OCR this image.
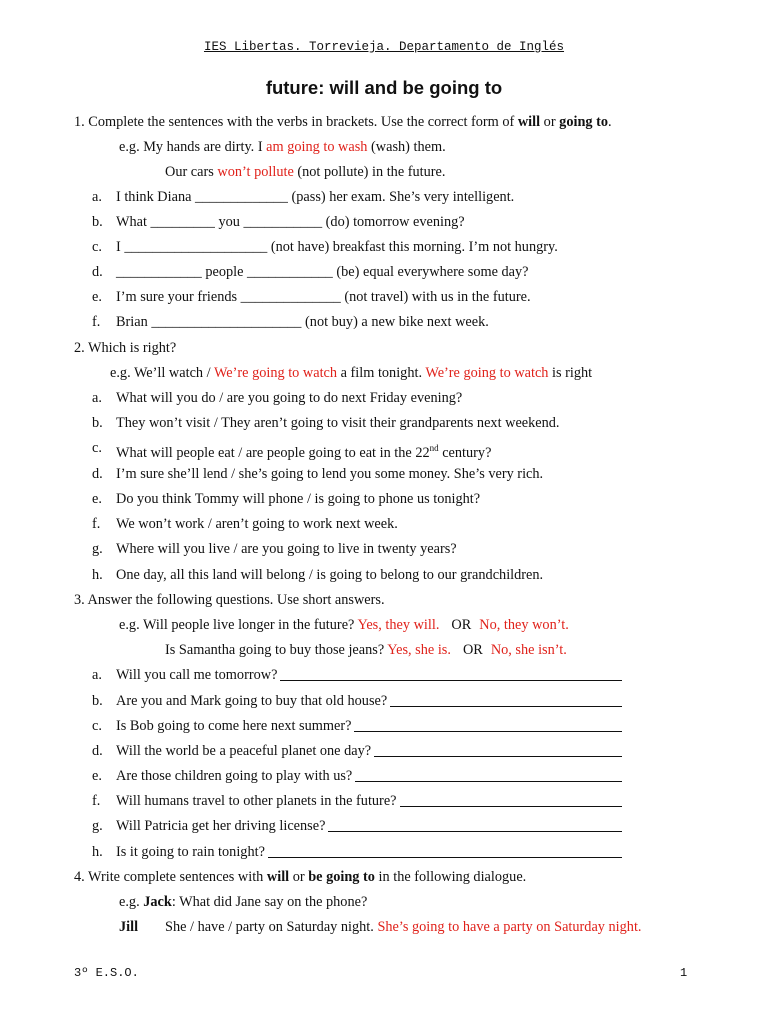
IES Libertas. Torrevieja. Departamento de Inglés
future: will and be going to
1. Complete the sentences with the verbs in brackets. Use the correct form of will or going to.
e.g. My hands are dirty. I am going to wash (wash) them.
Our cars won’t pollute (not pollute) in the future.
a. I think Diana _____________ (pass) her exam. She’s very intelligent.
b. What _________ you ___________ (do) tomorrow evening?
c. I ____________________ (not have) breakfast this morning. I’m not hungry.
d. ____________ people ____________ (be) equal everywhere some day?
e. I’m sure your friends ______________ (not travel) with us in the future.
f. Brian _____________________ (not buy) a new bike next week.
2. Which is right?
e.g. We’ll watch / We’re going to watch a film tonight. We’re going to watch is right
a. What will you do / are you going to do next Friday evening?
b. They won’t visit / They aren’t going to visit their grandparents next weekend.
c. What will people eat / are people going to eat in the 22nd century?
d. I’m sure she’ll lend / she’s going to lend you some money. She’s very rich.
e. Do you think Tommy will phone / is going to phone us tonight?
f. We won’t work / aren’t going to work next week.
g. Where will you live / are you going to live in twenty years?
h. One day, all this land will belong / is going to belong to our grandchildren.
3. Answer the following questions. Use short answers.
e.g. Will people live longer in the future? Yes, they will. OR No, they won’t.
Is Samantha going to buy those jeans? Yes, she is. OR No, she isn’t.
a. Will you call me tomorrow?
b. Are you and Mark going to buy that old house?
c. Is Bob going to come here next summer?
d. Will the world be a peaceful planet one day?
e. Are those children going to play with us?
f. Will humans travel to other planets in the future?
g. Will Patricia get her driving license?
h. Is it going to rain tonight?
4. Write complete sentences with will or be going to in the following dialogue.
e.g. Jack: What did Jane say on the phone?
Jill She / have / party on Saturday night. She’s going to have a party on Saturday night.
3º E.S.O.	1
